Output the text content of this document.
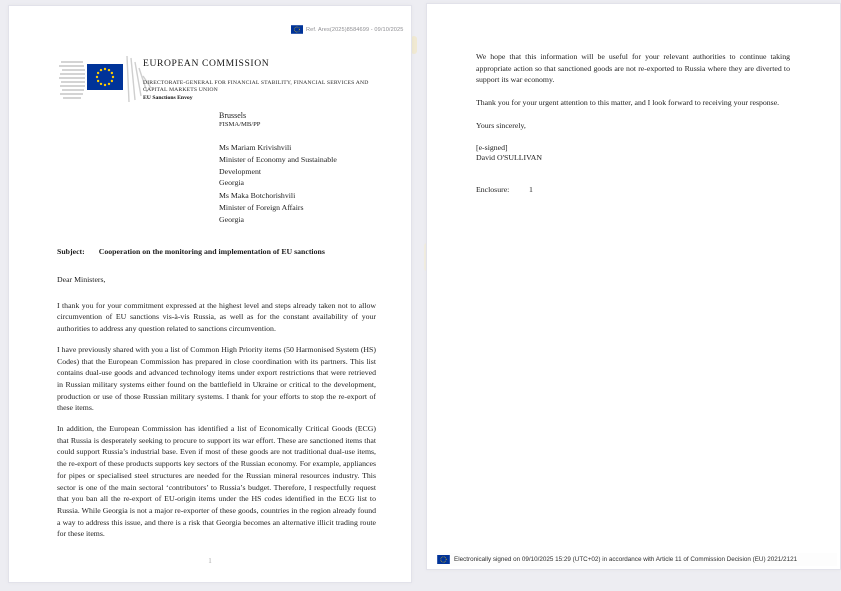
Ref. Ares(2025)8584699 - 09/10/2025
EUROPEAN COMMISSION
DIRECTORATE-GENERAL FOR FINANCIAL STABILITY, FINANCIAL SERVICES AND CAPITAL MARKETS UNION
EU Sanctions Envoy
Brussels
FISMA/MB/PP
Ms Mariam Krivishvili
Minister of Economy and Sustainable
Development
Georgia
Ms Maka Botchorishvili
Minister of Foreign Affairs
Georgia
Subject: Cooperation on the monitoring and implementation of EU sanctions

Dear Ministers,

I thank you for your commitment expressed at the highest level and steps already taken not to allow circumvention of EU sanctions vis-à-vis Russia, as well as for the constant availability of your authorities to address any question related to sanctions circumvention.

I have previously shared with you a list of Common High Priority items (50 Harmonised System (HS) Codes) that the European Commission has prepared in close coordination with its partners. This list contains dual-use goods and advanced technology items under export restrictions that were retrieved in Russian military systems either found on the battlefield in Ukraine or critical to the development, production or use of those Russian military systems. I thank for your efforts to stop the re-export of these items.

In addition, the European Commission has identified a list of Economically Critical Goods (ECG) that Russia is desperately seeking to procure to support its war effort. These are sanctioned items that could support Russia’s industrial base. Even if most of these goods are not traditional dual-use items, the re-export of these products supports key sectors of the Russian economy. For example, appliances for pipes or specialised steel structures are needed for the Russian mineral resources industry. This sector is one of the main sectoral ‘contributors’ to Russia’s budget. Therefore, I respectfully request that you ban all the re-export of EU-origin items under the HS codes identified in the ECG list to Russia. While Georgia is not a major re-exporter of these goods, countries in the region already found a way to address this issue, and there is a risk that Georgia becomes an alternative illicit trading route for these items.

1

We hope that this information will be useful for your relevant authorities to continue taking appropriate action so that sanctioned goods are not re-exported to Russia where they are diverted to support its war economy.

Thank you for your urgent attention to this matter, and I look forward to receiving your response.

Yours sincerely,

[e-signed]
David O'SULLIVAN
Enclosure:	1
Electronically signed on 09/10/2025 15:29 (UTC+02) in accordance with Article 11 of Commission Decision (EU) 2021/2121
